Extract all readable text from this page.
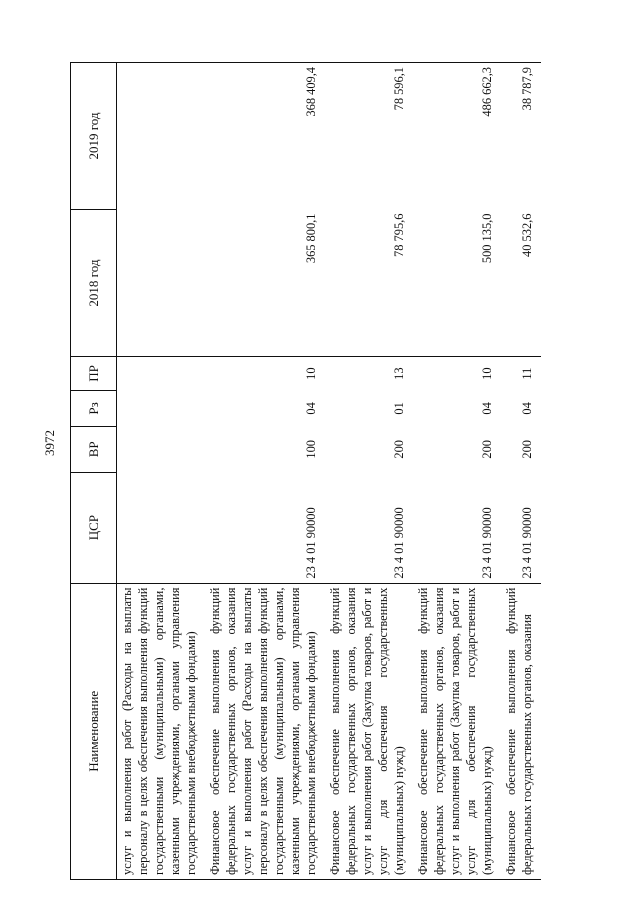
3972
Наименование	ЦСР	ВР	Рз	ПР	2018 год	2019 год
услуг и выполнения работ (Расходы на выплаты персоналу в целях обеспечения выполнения функций государственными (муниципальными) органами, казенными учреждениями, органами управления государственными внебюджетными фондами)						
Финансовое обеспечение выполнения функций федеральных государственных органов, оказания услуг и выполнения работ (Расходы на выплаты персоналу в целях обеспечения выполнения функций государственными (муниципальными) органами, казенными учреждениями, органами управления государственными внебюджетными фондами)	23 4 01 90000	100	04	10	365 800,1	368 409,4
Финансовое обеспечение выполнения функций федеральных государственных органов, оказания услуг и выполнения работ (Закупка товаров, работ и услуг для обеспечения государственных (муниципальных) нужд)	23 4 01 90000	200	01	13	78 795,6	78 596,1
Финансовое обеспечение выполнения функций федеральных государственных органов, оказания услуг и выполнения работ (Закупка товаров, работ и услуг для обеспечения государственных (муниципальных) нужд)	23 4 01 90000	200	04	10	500 135,0	486 662,3
Финансовое обеспечение выполнения функций федеральных государственных органов, оказания	23 4 01 90000	200	04	11	40 532,6	38 787,9
